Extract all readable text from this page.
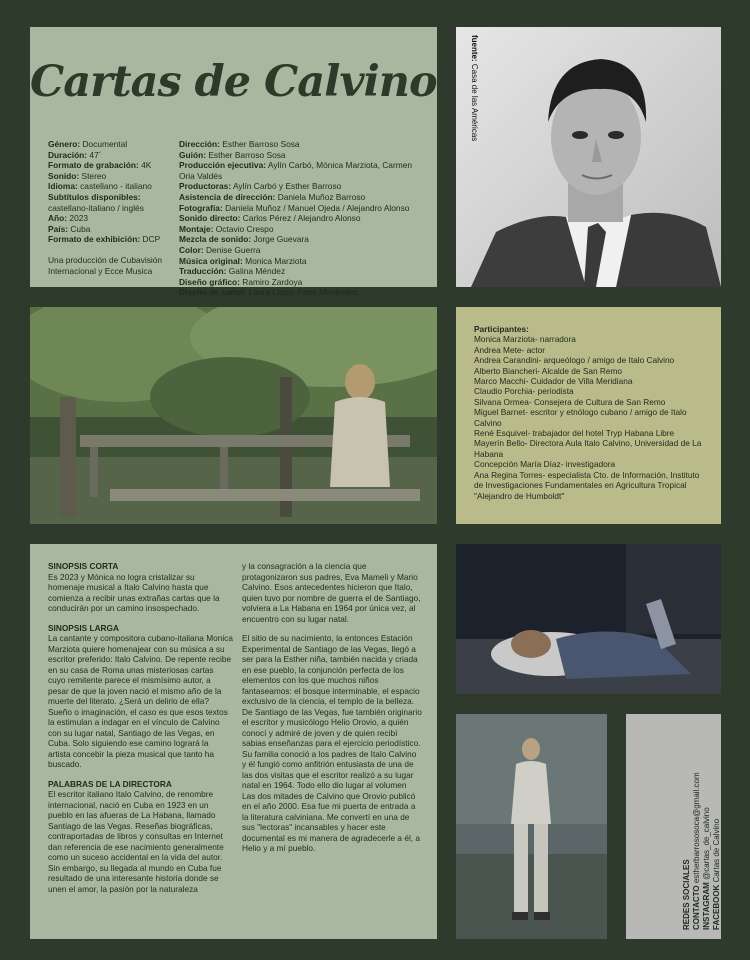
Cartas de Calvino

Género: Documental

Duración: 47´

Formato de grabación: 4K

Sonido: Stereo

Idioma: castellano - italiano

Subtítulos disponibles: castellano-italiano / inglés

Año: 2023

País: Cuba

Formato de exhibición: DCP

Una producción de Cubavisión Internacional y Ecce Musica

Dirección: Esther Barroso Sosa

Guión: Esther Barroso Sosa

Producción ejecutiva: Aylín Carbó, Mónica Marziota, Carmen Oria Valdés

Productoras: Aylín Carbó y Esther Barroso

Asistencia de dirección: Daniela Muñoz Barroso

Fotografía: Daniela Muñoz / Manuel Ojeda / Alejandro Alonso

Sonido directo: Carlos Pérez / Alejandro Alonso

Montaje: Octavio Crespo

Mezcla de sonido: Jorge Guevara

Color: Denise Guerra

Música original: Monica Marziota

Traducción: Galina Méndez

Diseño gráfico: Ramiro Zardoya

Diseño de cartel: Laura Llópiz-Pepe Menéndez

fuente: Casa de las Américas

Participantes:

Monica Marziota- narradora

Andrea Mete- actor

Andrea Carandini- arqueólogo / amigo de Italo Calvino

Alberto Biancheri- Alcalde de San Remo

Marco Macchi- Cuidador de Villa Meridiana

Claudio Porchia- periodista

Silvana Ormea- Consejera de Cultura de San Remo

Miguel Barnet- escritor y etnólogo cubano / amigo de Italo Calvino

René Esquivel- trabajador del hotel Tryp Habana Libre

Mayerín Bello- Directora Aula Italo Calvino, Universidad de La Habana

Concepción María Díaz- investigadora

Ana Regina Torres- especialista Cto. de Información, Instituto de Investigaciones Fundamentales en Agricultura Tropical "Alejandro de Humboldt"

SINOPSIS CORTA

Es 2023 y Mónica no logra cristalizar su homenaje musical a Italo Calvino hasta que comienza a recibir unas extrañas cartas que la conducirán por un camino insospechado.

SINOPSIS LARGA

La cantante y compositora cubano-italiana Monica Marziota quiere homenajear con su música a su escritor preferido: Italo Calvino. De repente recibe en su casa de Roma unas misteriosas cartas cuyo remitente parece el mismísimo autor, a pesar de que la joven nació el mismo año de la muerte del literato. ¿Será un delirio de ella? Sueño o imaginación, el caso es que esos textos la estimulan a indagar en el vínculo de Calvino con su lugar natal, Santiago de las Vegas, en Cuba. Solo siguiendo ese camino logrará la artista concebir la pieza musical que tanto ha buscado.

PALABRAS DE LA DIRECTORA

El escritor italiano Italo Calvino, de renombre internacional, nació en Cuba en 1923 en un pueblo en las afueras de La Habana, llamado Santiago de las Vegas. Reseñas biográficas, contraportadas de libros y consultas en Internet dan referencia de ese nacimiento generalmente como un suceso accidental en la vida del autor. Sin embargo, su llegada al mundo en Cuba fue resultado de una interesante historia donde se unen el amor, la pasión por la naturaleza

y la consagración a la ciencia que protagonizaron sus padres, Eva Mameli y Mario Calvino. Esos antecedentes hicieron que Italo, quien tuvo por nombre de guerra el de Santiago, volviera a La Habana en 1964 por única vez, al encuentro con su lugar natal.

El sitio de su nacimiento, la entonces Estación Experimental de Santiago de las Vegas, llegó a ser para la Esther niña, también nacida y criada en ese pueblo, la conjunción perfecta de los elementos con los que muchos niños fantaseamos: el bosque interminable, el espacio exclusivo de la ciencia, el templo de la belleza. De Santiago de las Vegas, fue también originario el escritor y musicólogo Helio Orovio, a quién conocí y admiré de joven y de quien recibí sabias enseñanzas para el ejercicio periodístico. Su familia conoció a los padres de Italo Calvino y él fungió como anfitrión entusiasta de una de las dos visitas que el escritor realizó a su lugar natal en 1964. Todo ello dio lugar al volumen Las dos mitades de Calvino que Orovio publicó en el año 2000. Esa fue mi puerta de entrada a la literatura calviniana. Me convertí en una de sus "lectoras" incansables y hacer este documental es mi manera de agradecerle a él, a Helio y a mí pueblo.

REDES SOCIALES CONTACTO estherbarrososoca@gmail.com
INSTAGRAM @cartas_de_calvino
FACEBOOK Cartas de Calvino
